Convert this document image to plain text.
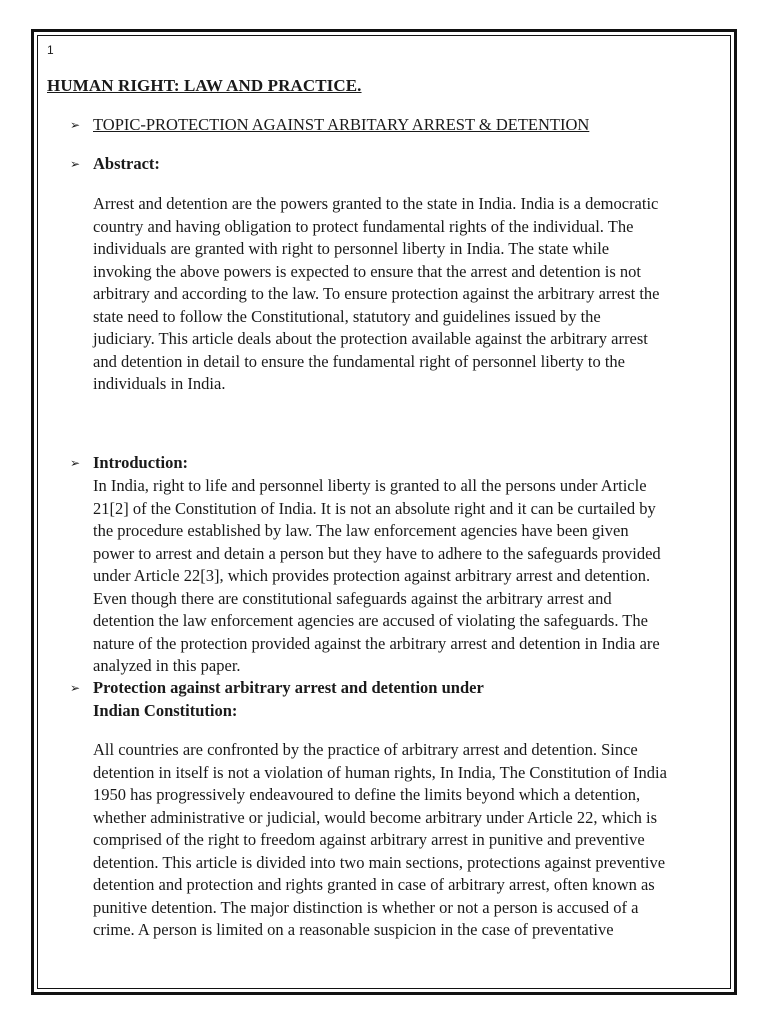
1
HUMAN RIGHT: LAW AND PRACTICE.
➢ TOPIC-PROTECTION AGAINST ARBITARY ARREST & DETENTION
➢ Abstract:
Arrest and detention are the powers granted to the state in India. India is a democratic
country and having obligation to protect fundamental rights of the individual. The
individuals are granted with right to personnel liberty in India. The state while
invoking the above powers is expected to ensure that the arrest and detention is not
arbitrary and according to the law. To ensure protection against the arbitrary arrest the
state need to follow the Constitutional, statutory and guidelines issued by the
judiciary. This article deals about the protection available against the arbitrary arrest
and detention in detail to ensure the fundamental right of personnel liberty to the
individuals in India.
➢ Introduction:
In India, right to life and personnel liberty is granted to all the persons under Article
21[2] of the Constitution of India. It is not an absolute right and it can be curtailed by
the procedure established by law. The law enforcement agencies have been given
power to arrest and detain a person but they have to adhere to the safeguards provided
under Article 22[3], which provides protection against arbitrary arrest and detention.
Even though there are constitutional safeguards against the arbitrary arrest and
detention the law enforcement agencies are accused of violating the safeguards. The
nature of the protection provided against the arbitrary arrest and detention in India are
analyzed in this paper.
➢ Protection against arbitrary arrest and detention under
Indian Constitution:
All countries are confronted by the practice of arbitrary arrest and detention. Since
detention in itself is not a violation of human rights, In India, The Constitution of India
1950 has progressively endeavoured to define the limits beyond which a detention,
whether administrative or judicial, would become arbitrary under Article 22, which is
comprised of the right to freedom against arbitrary arrest in punitive and preventive
detention. This article is divided into two main sections, protections against preventive
detention and protection and rights granted in case of arbitrary arrest, often known as
punitive detention. The major distinction is whether or not a person is accused of a
crime. A person is limited on a reasonable suspicion in the case of preventative
